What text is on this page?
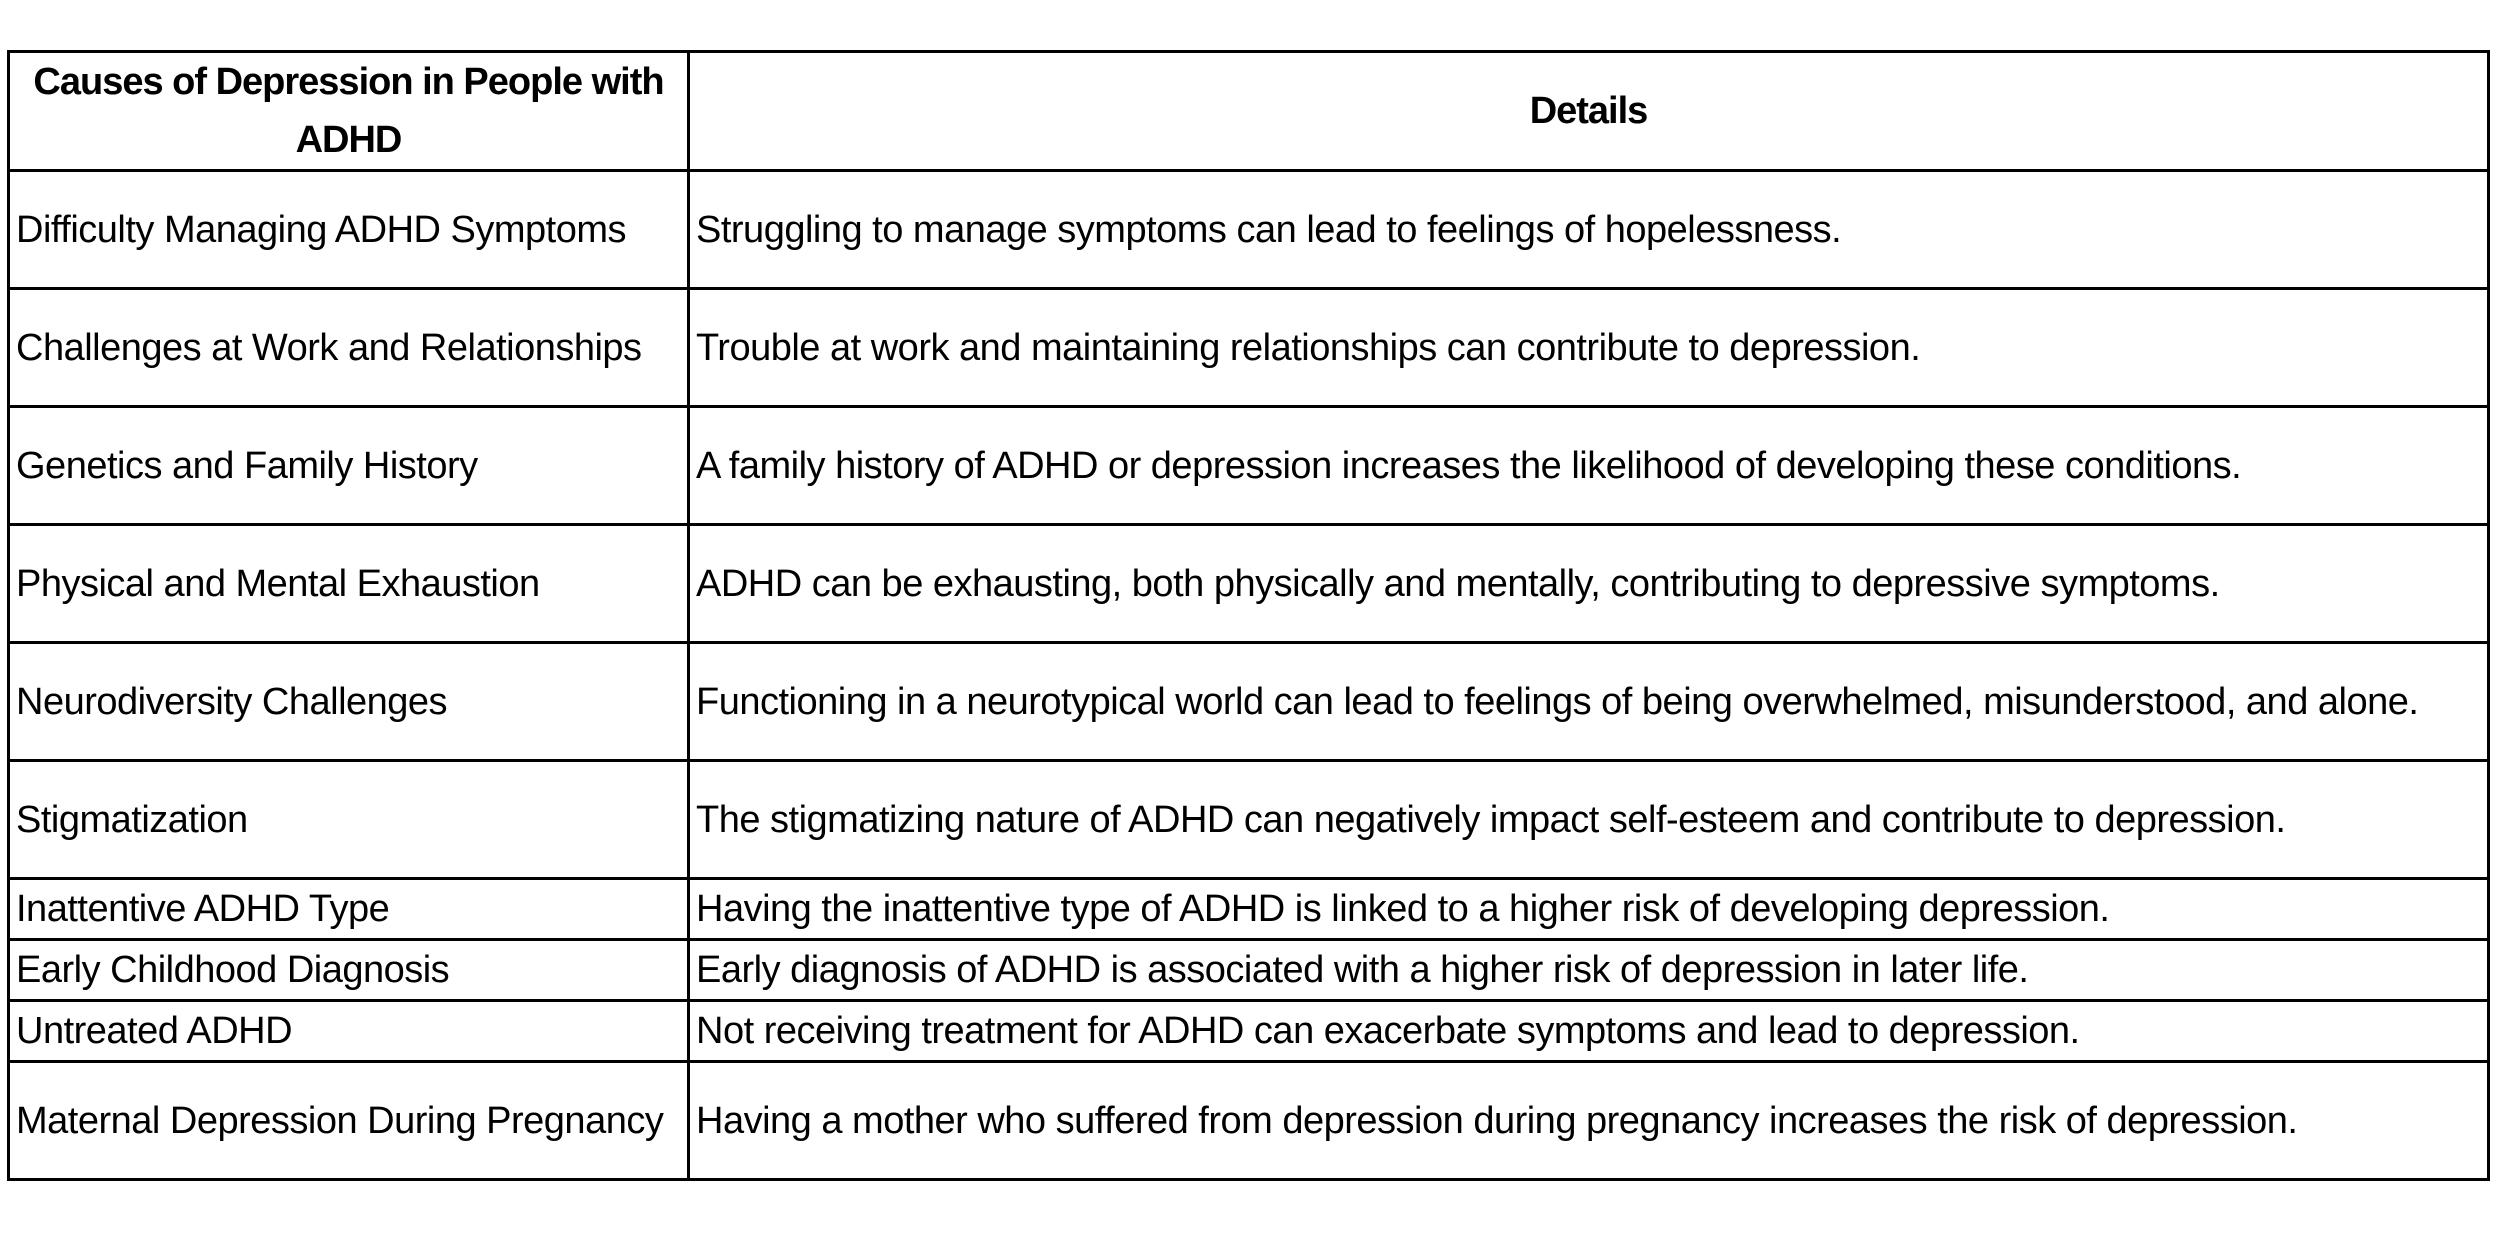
Causes of Depression in People with ADHD	Details
Difficulty Managing ADHD Symptoms	Struggling to manage symptoms can lead to feelings of hopelessness.
Challenges at Work and Relationships	Trouble at work and maintaining relationships can contribute to depression.
Genetics and Family History	A family history of ADHD or depression increases the likelihood of developing these conditions.
Physical and Mental Exhaustion	ADHD can be exhausting, both physically and mentally, contributing to depressive symptoms.
Neurodiversity Challenges	Functioning in a neurotypical world can lead to feelings of being overwhelmed, misunderstood, and alone.
Stigmatization	The stigmatizing nature of ADHD can negatively impact self-esteem and contribute to depression.
Inattentive ADHD Type	Having the inattentive type of ADHD is linked to a higher risk of developing depression.
Early Childhood Diagnosis	Early diagnosis of ADHD is associated with a higher risk of depression in later life.
Untreated ADHD	Not receiving treatment for ADHD can exacerbate symptoms and lead to depression.
Maternal Depression During Pregnancy	Having a mother who suffered from depression during pregnancy increases the risk of depression.
